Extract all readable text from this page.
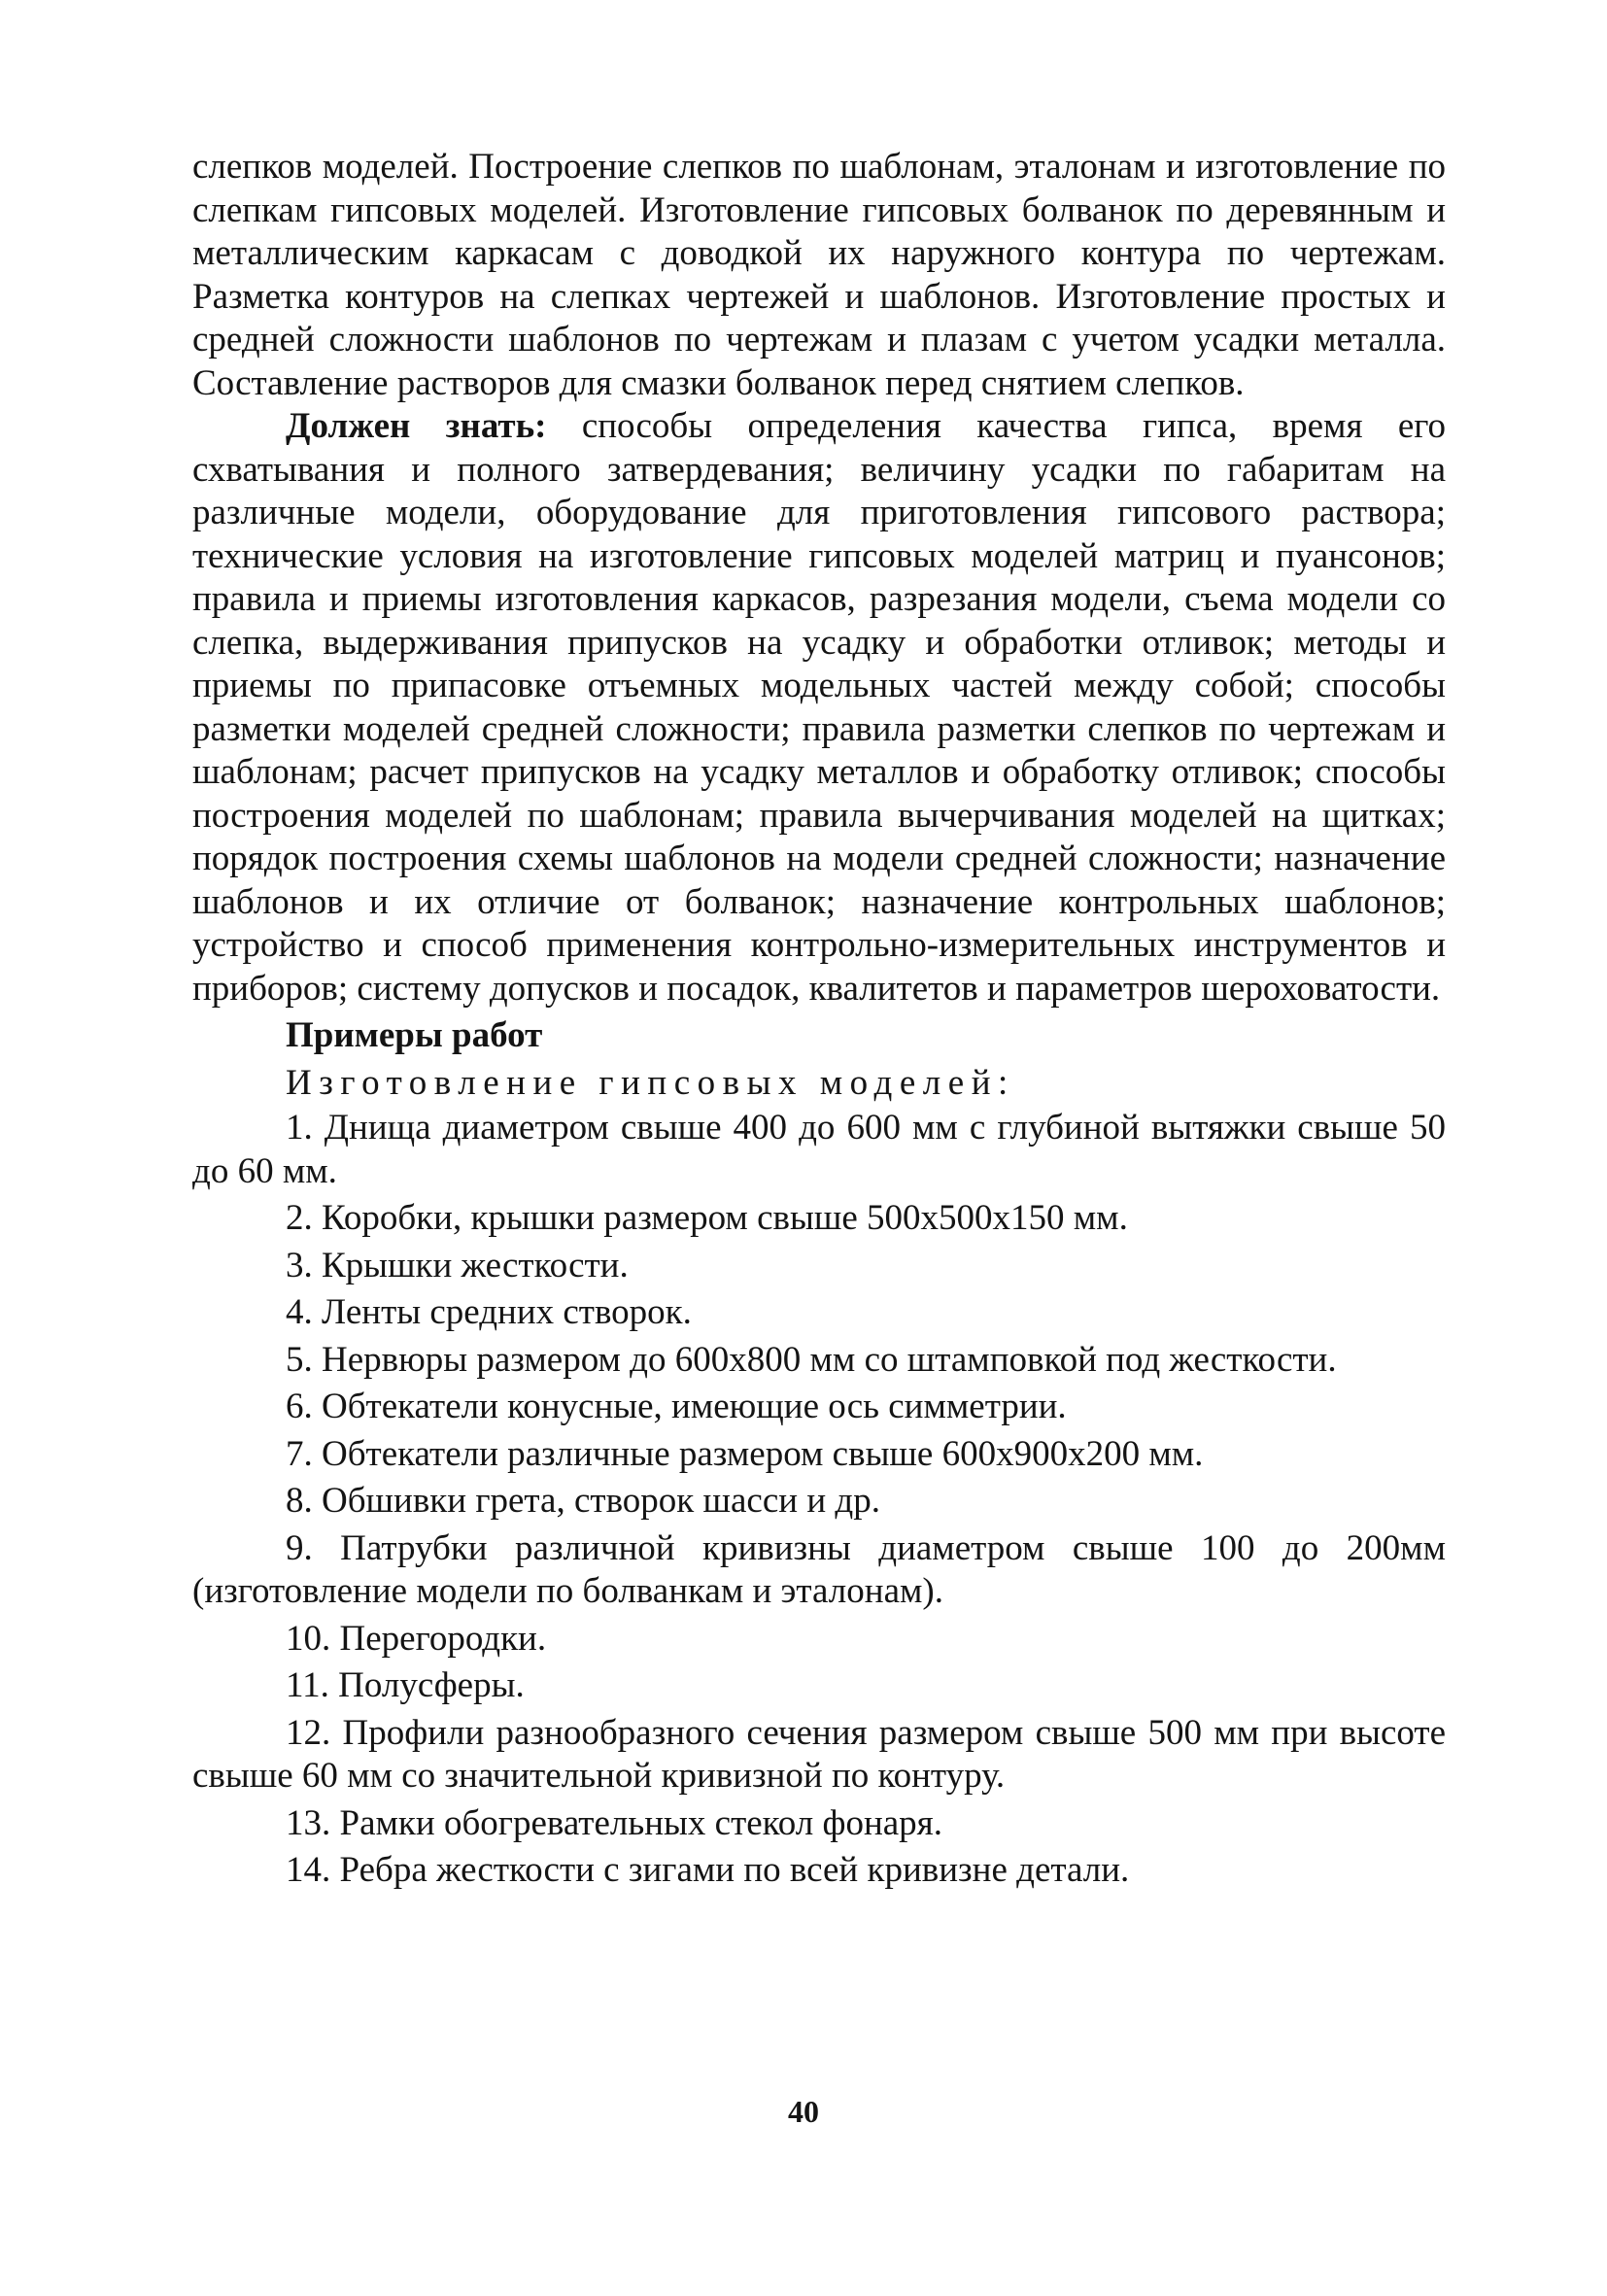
слепков моделей. Построение слепков по шаблонам, эталонам и изготовление по слепкам гипсовых моделей. Изготовление гипсовых болванок по деревянным и металлическим каркасам с доводкой их наружного контура по чертежам. Разметка контуров на слепках чертежей и шаблонов. Изготовление простых и средней сложности шаблонов по чертежам и плазам с учетом усадки металла. Составление растворов для смазки болванок перед снятием слепков.

Должен знать: способы определения качества гипса, время его схватывания и полного затвердевания; величину усадки по габаритам на различные модели, оборудование для приготовления гипсового раствора; технические условия на изготовление гипсовых моделей матриц и пуансонов; правила и приемы изготовления каркасов, разрезания модели, съема модели со слепка, выдерживания припусков на усадку и обработки отливок; методы и приемы по припасовке отъемных модельных частей между собой; способы разметки моделей средней сложности; правила разметки слепков по чертежам и шаблонам; расчет припусков на усадку металлов и обработку отливок; способы построения моделей по шаблонам; правила вычерчивания моделей на щитках; порядок построения схемы шаблонов на модели средней сложности; назначение шаблонов и их отличие от болванок; назначение контрольных шаблонов; устройство и способ применения контрольно-измерительных инструментов и приборов; систему допусков и посадок, квалитетов и параметров шероховатости.

Примеры работ
Изготовление гипсовых моделей:
1. Днища диаметром свыше 400 до 600 мм с глубиной вытяжки свыше 50 до 60 мм.
2. Коробки, крышки размером свыше 500х500х150 мм.
3. Крышки жесткости.
4. Ленты средних створок.
5. Нервюры размером до 600х800 мм со штамповкой под жесткости.
6. Обтекатели конусные, имеющие ось симметрии.
7. Обтекатели различные размером свыше 600х900х200 мм.
8. Обшивки грета, створок шасси и др.
9. Патрубки различной кривизны диаметром свыше 100 до 200мм (изготовление модели по болванкам и эталонам).
10. Перегородки.
11. Полусферы.
12. Профили разнообразного сечения размером свыше 500 мм при высоте свыше 60 мм со значительной кривизной по контуру.
13. Рамки обогревательных стекол фонаря.
14. Ребра жесткости с зигами по всей кривизне детали.
40
